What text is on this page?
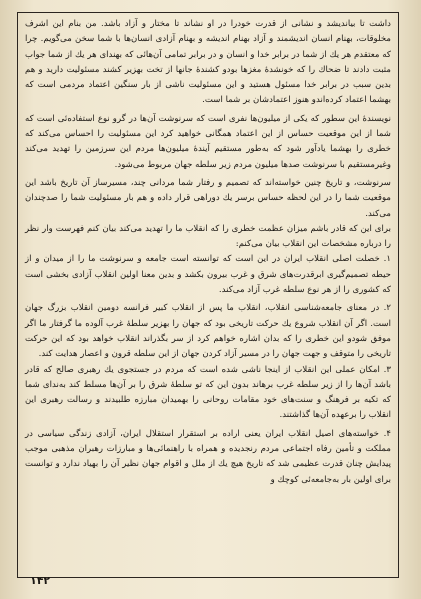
داشت تا بیاندیشد و نشانی از قدرت خودرا در او نشاند تا مختار و آزاد باشد. من بنام این اشرف مخلوقات، بهنام انسان اندیشمند و آزاد بهنام اندیشه و بهنام آزادی انسان‌ها با شما سخن می‌گویم. چرا که معتقدم هر یك از شما در برابر خدا و انسان و در برابر تمامی آن‌هائی که بهندای هر یك از شما جواب مثبت دادند تا ضحاك را که خونشدهٔ مغزها بودو کشندهٔ جانها از تخت بهزیر کشند مسئولیت دارید و هم بدین سبب در برابر خدا مسئول هستید و این مسئولیت ناشی از بار سنگین اعتماد مردمی است که بهشما اعتماد کرده‌اندو هنوز اعتمادشان بر شما است.

نویسندهٔ این سطور که یکی از میلیون‌ها نفری است که سرنوشت آن‌ها در گرو نوع استفاده‌ئی است که شما از این موقعیت حساس از این اعتماد همگانی خواهید کرد این مسئولیت را احساس می‌کند که خطری را بهشما یادآور شود که به‌طور مستقیم آیندهٔ میلیون‌ها مردم این سرزمین را تهدید می‌کند وغیرمستقیم با سرنوشت صدها میلیون مردم زیر سلطه جهان مربوط می‌شود.

سرنوشت، و تاریخ چنین خواسته‌اند که تصمیم و رفتار شما مردانی چند، مسیرساز آن تاریخ باشد این موقعیت شما را در این لحظه حساس برسر یك دوراهی قرار داده و هم بار مسئولیت شما را صدچندان می‌کند.

برای این که قادر باشم میزان عظمت خطری را که انقلاب ما را تهدید می‌کند بیان کنم فهرست وار نظر را درباره مشخصات این انقلاب بیان می‌کنم:

۱. خصلت اصلی انقلاب ایران در این است که توانسته است جامعه و سرنوشت ما را از میدان و از حیطه تصمیم‌گیری ابرقدرت‌های شرق و غرب بیرون بکشد و بدین معنا اولین انقلاب آزادی بخشی است که کشوری را از هر نوع سلطه غرب آزاد می‌کند.

۲. در معنای جامعه‌شناسی انقلاب، انقلاب ما پس از انقلاب کبیر فرانسه دومین انقلاب بزرگ جهان است. اگر آن انقلاب شروع یك حرکت تاریخی بود که جهان را بهزیر سلطهٔ غرب آلوده ما گرفتار ما اگر موفق شودو این خطری را که بدان اشاره خواهم کرد از سر بگذراند انقلاب خواهد بود که این حرکت تاریخی را متوقف و جهت جهان را در مسیر آزاد کردن جهان از این سلطه قرون و اعصار هدایت کند.

۳. امکان عملی این انقلاب از اینجا ناشی شده است که مردم در جستجوی یك رهبری صالح که قادر باشد آن‌ها را از زیر سلطه غرب برهاند بدون این که تو سلطهٔ شرق را بر آن‌ها مسلط کند به‌ندای شما که تکیه بر فرهنگ و سنت‌های خود مقامات روحانی را بهمیدان مبارزه طلبیدند و رسالت رهبری این انقلاب را برعهده آن‌ها گذاشتند.

۴. خواسته‌های اصیل انقلاب ایران یعنی اراده بر استقرار استقلال ایران، آزادی زندگی سیاسی در مملکت و تأمین رفاه اجتماعی مردم رنجدیده و همراه با راهنمائی‌ها و مبارزات رهبران مذهبی موجب پیدایش چنان قدرت عظیمی شد که تاریخ هیچ یك از ملل و اقوام جهان نظیر آن را بهیاد ندارد و توانست برای اولین بار به‌جامعه‌ئی کوچك و

۱۴۲
